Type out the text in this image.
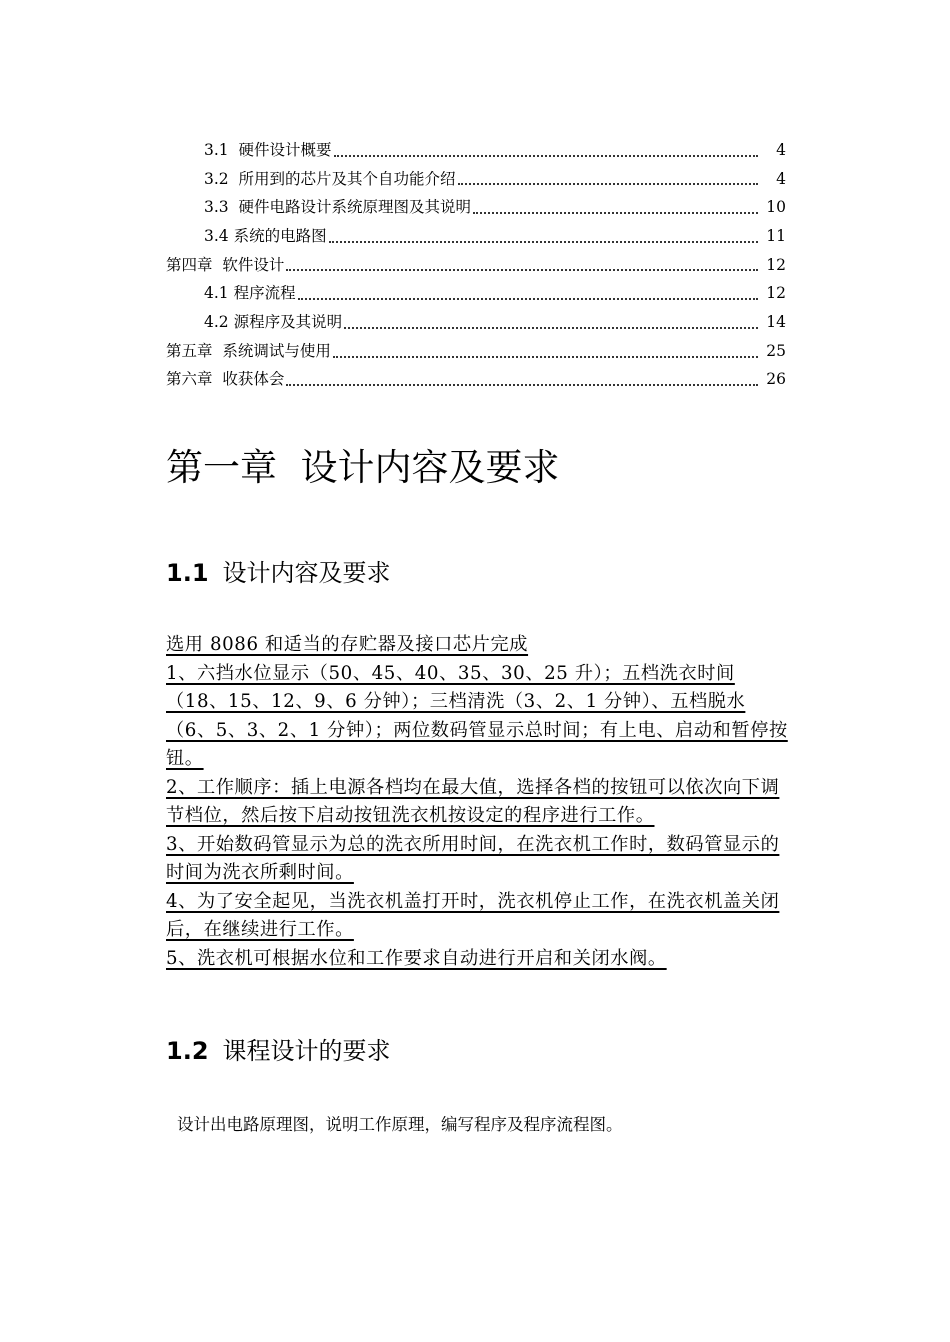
3.1  硬件设计概要	4
3.2  所用到的芯片及其个自功能介绍	4
3.3  硬件电路设计系统原理图及其说明	10
3.4 系统的电路图	11
第四章  软件设计	12
4.1 程序流程	12
4.2 源程序及其说明	14
第五章  系统调试与使用	25
第六章  收获体会	26
第一章  设计内容及要求
1.1 设计内容及要求

选用 8086 和适当的存贮器及接口芯片完成

1、六挡水位显示（50、45、40、35、30、25 升）；五档洗衣时间（18、15、12、9、6 分钟）；三档清洗（3、2、1 分钟）、五档脱水（6、5、3、2、1 分钟）；两位数码管显示总时间；有上电、启动和暂停按钮。

2、工作顺序：插上电源各档均在最大值，选择各档的按钮可以依次向下调节档位，然后按下启动按钮洗衣机按设定的程序进行工作。

3、开始数码管显示为总的洗衣所用时间，在洗衣机工作时，数码管显示的时间为洗衣所剩时间。

4、为了安全起见，当洗衣机盖打开时，洗衣机停止工作，在洗衣机盖关闭后，在继续进行工作。

5、洗衣机可根据水位和工作要求自动进行开启和关闭水阀。

1.2 课程设计的要求

设计出电路原理图，说明工作原理，编写程序及程序流程图。
